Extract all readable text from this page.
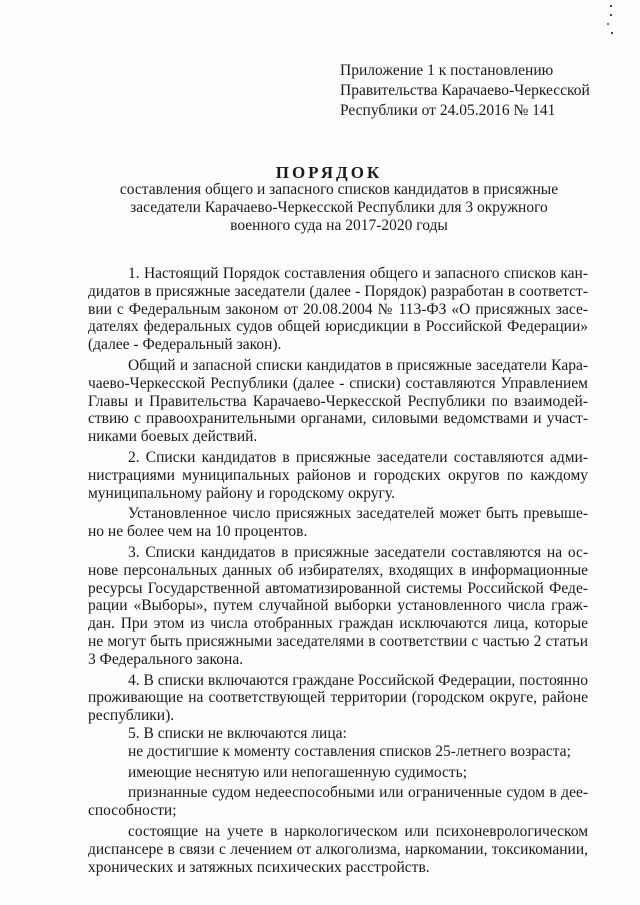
Приложение 1 к постановлению
Правительства Карачаево-Черкесской
Республики от 24.05.2016 № 141
ПОРЯДОК
составления общего и запасного списков кандидатов в присяжные
заседатели Карачаево-Черкесской Республики для 3 окружного
военного суда на 2017-2020 годы
1. Настоящий Порядок составления общего и запасного списков кан-
дидатов в присяжные заседатели (далее - Порядок) разработан в соответст-
вии с Федеральным законом от 20.08.2004 № 113-ФЗ «О присяжных засе-
дателях федеральных судов общей юрисдикции в Российской Федерации»
(далее - Федеральный закон).
Общий и запасной списки кандидатов в присяжные заседатели Кара-
чаево-Черкесской Республики (далее - списки) составляются Управлением
Главы и Правительства Карачаево-Черкесской Республики по взаимодей-
ствию с правоохранительными органами, силовыми ведомствами и участ-
никами боевых действий.
2. Списки кандидатов в присяжные заседатели составляются адми-
нистрациями муниципальных районов и городских округов по каждому
муниципальному району и городскому округу.
Установленное число присяжных заседателей может быть превыше-
но не более чем на 10 процентов.
3. Списки кандидатов в присяжные заседатели составляются на ос-
нове персональных данных об избирателях, входящих в информационные
ресурсы Государственной автоматизированной системы Российской Феде-
рации «Выборы», путем случайной выборки установленного числа граж-
дан. При этом из числа отобранных граждан исключаются лица, которые
не могут быть присяжными заседателями в соответствии с частью 2 статьи
3 Федерального закона.
4. В списки включаются граждане Российской Федерации, постоянно
проживающие на соответствующей территории (городском округе, районе
республики).
5. В списки не включаются лица:
не достигшие к моменту составления списков 25-летнего возраста;
имеющие неснятую или непогашенную судимость;
признанные судом недееспособными или ограниченные судом в дее-
способности;
состоящие на учете в наркологическом или психоневрологическом
диспансере в связи с лечением от алкоголизма, наркомании, токсикомании,
хронических и затяжных психических расстройств.
